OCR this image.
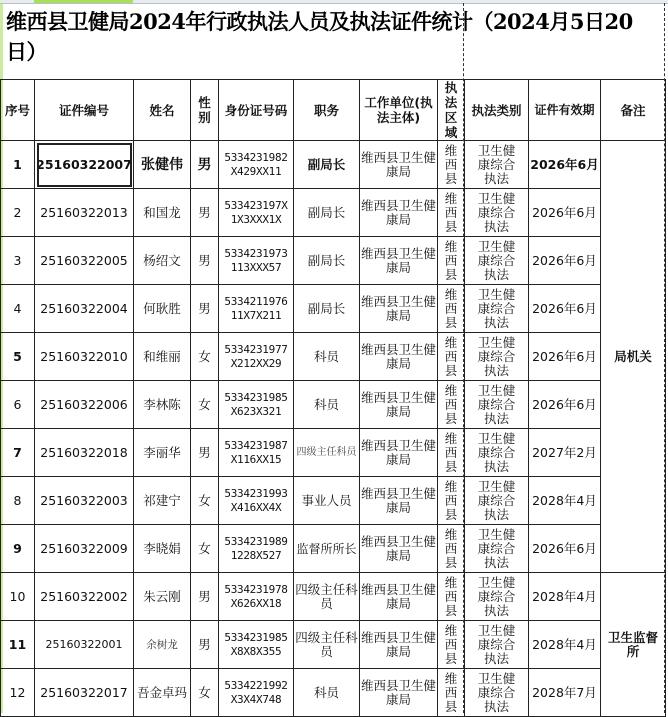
维西县卫健局2024年行政执法人员及执法证件统计（2024月5日20日）
序号	证件编号	姓名	性别	身份证号码	职务	工作单位(执法主体)	执法区域	执法类别	证件有效期	备注
1	25160322007	张健伟	男	5334231982X429XX11	副局长	维西县卫生健康局	维西县	卫生健康综合执法	2026年6月	局机关
2	25160322013	和国龙	男	533423197X1X3XXX1X	副局长	维西县卫生健康局	维西县	卫生健康综合执法	2026年6月	
3	25160322005	杨绍文	男	5334231973113XXX57	副局长	维西县卫生健康局	维西县	卫生健康综合执法	2026年6月	
4	25160322004	何耿胜	男	533421197611X7X211	副局长	维西县卫生健康局	维西县	卫生健康综合执法	2026年6月	
5	25160322010	和维丽	女	5334231977X212XX29	科员	维西县卫生健康局	维西县	卫生健康综合执法	2026年6月	
6	25160322006	李林陈	女	5334231985X623X321	科员	维西县卫生健康局	维西县	卫生健康综合执法	2026年6月	
7	25160322018	李丽华	男	5334231987X116XX15	四级主任科员	维西县卫生健康局	维西县	卫生健康综合执法	2027年2月	
8	25160322003	祁建宁	女	5334231993X416XX4X	事业人员	维西县卫生健康局	维西县	卫生健康综合执法	2028年4月	
9	25160322009	李晓娟	女	53342319891228X527	监督所所长	维西县卫生健康局	维西县	卫生健康综合执法	2026年6月	
10	25160322002	朱云刚	男	5334231978X626XX18	四级主任科员	维西县卫生健康局	维西县	卫生健康综合执法	2028年4月	卫生监督所
11	25160322001	余树龙	男	5334231985X8X8X355	四级主任科员	维西县卫生健康局	维西县	卫生健康综合执法	2028年4月	
12	25160322017	吾金卓玛	女	5334221992X3X4X748	科员	维西县卫生健康局	维西县	卫生健康综合执法	2028年7月	
